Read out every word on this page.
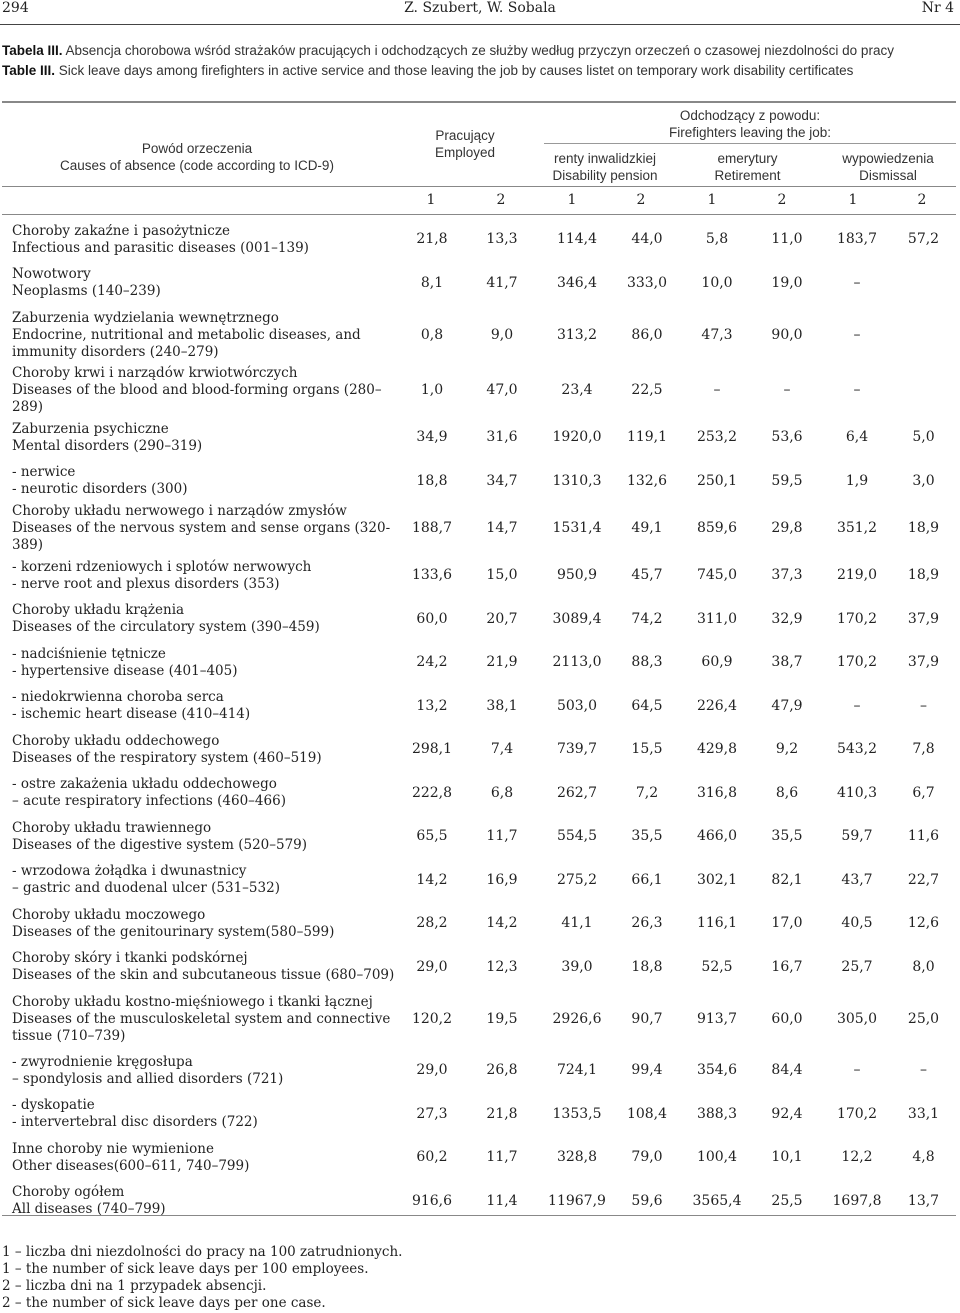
294	Z. Szubert, W. Sobala	Nr 4
Tabela III. Absencja chorobowa wśród strażaków pracujących i odchodzących ze służby według przyczyn orzeczeń o czasowej niezdolności do pracy
Table III. Sick leave days among firefighters in active service and those leaving the job by causes listet on temporary work disability certificates
Powód orzeczenia
Causes of absence (code according to ICD-9)
Pracujący
Employed
Odchodzący z powodu:
Firefighters leaving the job:
renty inwalidzkiej
Disability pension
emerytury
Retirement
wypowiedzenia
Dismissal
1	2	1	2	1	2	1	2
Choroby zakaźne i pasożytnicze
Infectious and parasitic diseases (001–139)	21,8	13,3	114,4	44,0	5,8	11,0	183,7	57,2

Nowotwory
Neoplasms (140–239)	8,1	41,7	346,4	333,0	10,0	19,0	–	

Zaburzenia wydzielania wewnętrznego
Endocrine, nutritional and metabolic diseases, and immunity disorders (240–279)	0,8	9,0	313,2	86,0	47,3	90,0	–	

Choroby krwi i narządów krwiotwórczych
Diseases of the blood and blood-forming organs (280–289)	1,0	47,0	23,4	22,5	–	–	–	

Zaburzenia psychiczne
Mental disorders (290–319)	34,9	31,6	1920,0	119,1	253,2	53,6	6,4	5,0

- nerwice
- neurotic disorders (300)	18,8	34,7	1310,3	132,6	250,1	59,5	1,9	3,0

Choroby układu nerwowego i narządów zmysłów
Diseases of the nervous system and sense organs (320-389)	188,7	14,7	1531,4	49,1	859,6	29,8	351,2	18,9

- korzeni rdzeniowych i splotów nerwowych
- nerve root and plexus disorders (353)	133,6	15,0	950,9	45,7	745,0	37,3	219,0	18,9

Choroby układu krążenia
Diseases of the circulatory system (390–459)	60,0	20,7	3089,4	74,2	311,0	32,9	170,2	37,9

- nadciśnienie tętnicze
- hypertensive disease (401–405)	24,2	21,9	2113,0	88,3	60,9	38,7	170,2	37,9

- niedokrwienna choroba serca
- ischemic heart disease (410–414)	13,2	38,1	503,0	64,5	226,4	47,9	–	–

Choroby układu oddechowego
Diseases of the respiratory system (460–519)	298,1	7,4	739,7	15,5	429,8	9,2	543,2	7,8

- ostre zakażenia układu oddechowego
– acute respiratory infections (460–466)	222,8	6,8	262,7	7,2	316,8	8,6	410,3	6,7

Choroby układu trawiennego
Diseases of the digestive system (520–579)	65,5	11,7	554,5	35,5	466,0	35,5	59,7	11,6

- wrzodowa żołądka i dwunastnicy
– gastric and duodenal ulcer (531–532)	14,2	16,9	275,2	66,1	302,1	82,1	43,7	22,7

Choroby układu moczowego
Diseases of the genitourinary system(580–599)	28,2	14,2	41,1	26,3	116,1	17,0	40,5	12,6

Choroby skóry i tkanki podskórnej
Diseases of the skin and subcutaneous tissue (680–709)	29,0	12,3	39,0	18,8	52,5	16,7	25,7	8,0

Choroby układu kostno-mięśniowego i tkanki łącznej
Diseases of the musculoskeletal system and connective tissue (710–739)	120,2	19,5	2926,6	90,7	913,7	60,0	305,0	25,0

- zwyrodnienie kręgosłupa
– spondylosis and allied disorders (721)	29,0	26,8	724,1	99,4	354,6	84,4	–	–

- dyskopatie
- intervertebral disc disorders (722)	27,3	21,8	1353,5	108,4	388,3	92,4	170,2	33,1

Inne choroby nie wymienione
Other diseases(600–611, 740–799)	60,2	11,7	328,8	79,0	100,4	10,1	12,2	4,8

Choroby ogółem
All diseases (740–799)	916,6	11,4	11967,9	59,6	3565,4	25,5	1697,8	13,7
1 – liczba dni niezdolności do pracy na 100 zatrudnionych.
1 – the number of sick leave days per 100 employees.
2 – liczba dni na 1 przypadek absencji.
2 – the number of sick leave days per one case.
